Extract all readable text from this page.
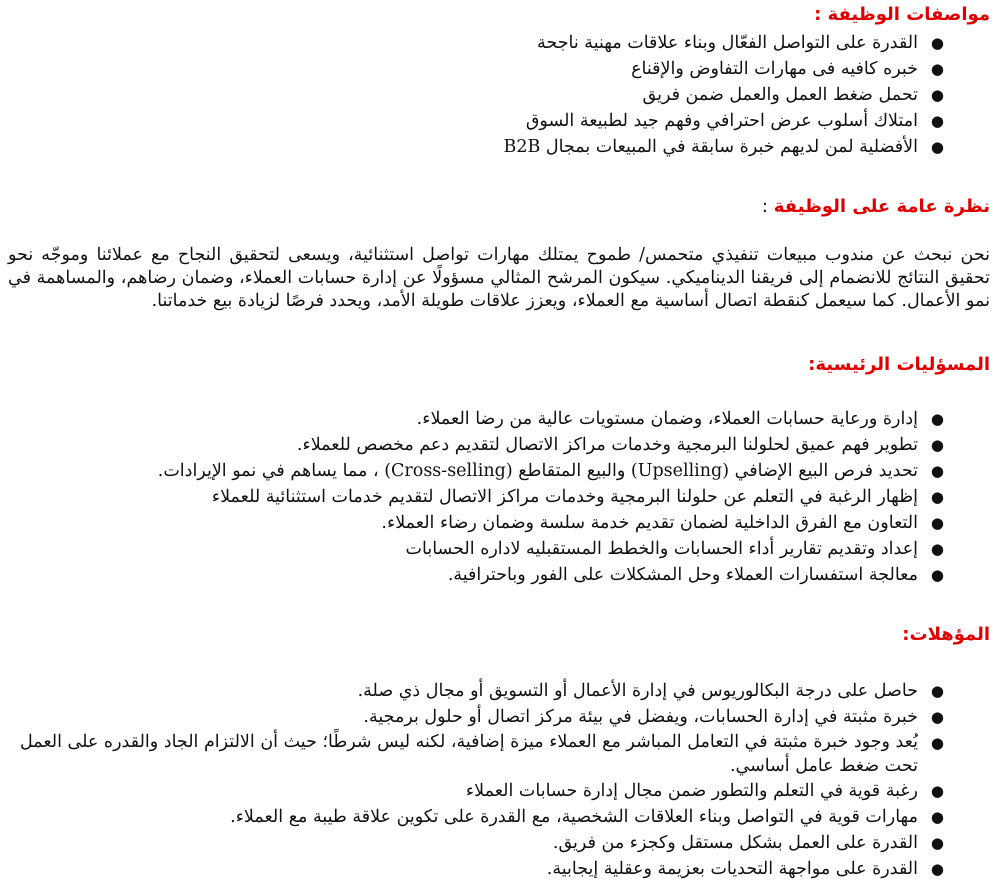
مواصفات الوظيفة :
●
القدرة على التواصل الفعّال وبناء علاقات مهنية ناجحة
●
خبره كافيه فى مهارات التفاوض والإقناع
●
تحمل ضغط العمل والعمل ضمن فريق
●
امتلاك أسلوب عرض احترافي وفهم جيد لطبيعة السوق
●
الأفضلية لمن لديهم خبرة سابقة في المبيعات بمجال B2B
نظرة عامة على الوظيفة :

نحن نبحث عن مندوب مبيعات تنفيذي متحمس/ طموح يمتلك مهارات تواصل استثنائية، ويسعى لتحقيق النجاح مع عملائنا وموجّه نحو تحقيق النتائج للانضمام إلى فريقنا الديناميكي. سيكون المرشح المثالي مسؤولًا عن إدارة حسابات العملاء، وضمان رضاهم، والمساهمة في نمو الأعمال. كما سيعمل كنقطة اتصال أساسية مع العملاء، ويعزز علاقات طويلة الأمد، ويحدد فرصًا لزيادة بيع خدماتنا.

المسؤليات الرئيسية:
●
إدارة ورعاية حسابات العملاء، وضمان مستويات عالية من رضا العملاء.
●
تطوير فهم عميق لحلولنا البرمجية وخدمات مراكز الاتصال لتقديم دعم مخصص للعملاء.
●
تحديد فرص البيع الإضافي (Upselling) والبيع المتقاطع (Cross-selling) ، مما يساهم في نمو الإيرادات.
●
إظهار الرغبة في التعلم عن حلولنا البرمجية وخدمات مراكز الاتصال لتقديم خدمات استثنائية للعملاء
●
التعاون مع الفرق الداخلية لضمان تقديم خدمة سلسة وضمان رضاء العملاء.
●
إعداد وتقديم تقارير أداء الحسابات والخطط المستقبليه لاداره الحسابات
●
معالجة استفسارات العملاء وحل المشكلات على الفور وباحترافية.
المؤهلات:
●
حاصل على درجة البكالوريوس في إدارة الأعمال أو التسويق أو مجال ذي صلة.
●
خبرة مثبتة في إدارة الحسابات، ويفضل في بيئة مركز اتصال أو حلول برمجية.
●
يُعد وجود خبرة مثبتة في التعامل المباشر مع العملاء ميزة إضافية، لكنه ليس شرطًا؛ حيث أن الالتزام الجاد والقدره على العمل تحت ضغط عامل أساسي.
●
رغبة قوية في التعلم والتطور ضمن مجال إدارة حسابات العملاء
●
مهارات قوية في التواصل وبناء العلاقات الشخصية، مع القدرة على تكوين علاقة طيبة مع العملاء.
●
القدرة على العمل بشكل مستقل وكجزء من فريق.
●
القدرة على مواجهة التحديات بعزيمة وعقلية إيجابية.
